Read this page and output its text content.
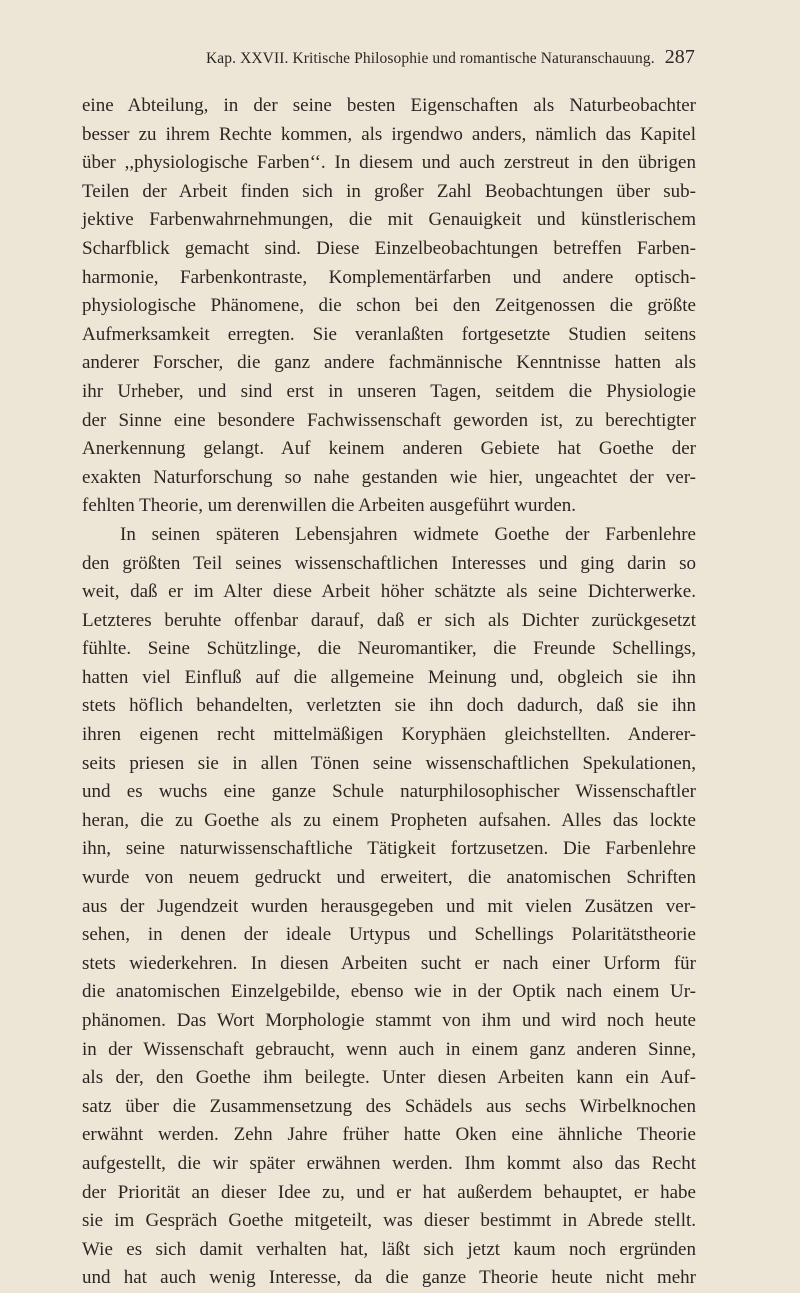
Kap. XXVII. Kritische Philosophie und romantische Naturanschauung. 287
eine Abteilung, in der seine besten Eigenschaften als Naturbeobachter
besser zu ihrem Rechte kommen, als irgendwo anders, nämlich das Kapitel
über ,,physiologische Farben‘‘. In diesem und auch zerstreut in den übrigen
Teilen der Arbeit finden sich in großer Zahl Beobachtungen über sub-
jektive Farbenwahrnehmungen, die mit Genauigkeit und künstlerischem
Scharfblick gemacht sind. Diese Einzelbeobachtungen betreffen Farben-
harmonie, Farbenkontraste, Komplementärfarben und andere optisch-
physiologische Phänomene, die schon bei den Zeitgenossen die größte
Aufmerksamkeit erregten. Sie veranlaßten fortgesetzte Studien seitens
anderer Forscher, die ganz andere fachmännische Kenntnisse hatten als
ihr Urheber, und sind erst in unseren Tagen, seitdem die Physiologie
der Sinne eine besondere Fachwissenschaft geworden ist, zu berechtigter
Anerkennung gelangt. Auf keinem anderen Gebiete hat Goethe der
exakten Naturforschung so nahe gestanden wie hier, ungeachtet der ver-
fehlten Theorie, um derenwillen die Arbeiten ausgeführt wurden.
In seinen späteren Lebensjahren widmete Goethe der Farbenlehre
den größten Teil seines wissenschaftlichen Interesses und ging darin so
weit, daß er im Alter diese Arbeit höher schätzte als seine Dichterwerke.
Letzteres beruhte offenbar darauf, daß er sich als Dichter zurückgesetzt
fühlte. Seine Schützlinge, die Neuromantiker, die Freunde Schellings,
hatten viel Einfluß auf die allgemeine Meinung und, obgleich sie ihn
stets höflich behandelten, verletzten sie ihn doch dadurch, daß sie ihn
ihren eigenen recht mittelmäßigen Koryphäen gleichstellten. Anderer-
seits priesen sie in allen Tönen seine wissenschaftlichen Spekulationen,
und es wuchs eine ganze Schule naturphilosophischer Wissenschaftler
heran, die zu Goethe als zu einem Propheten aufsahen. Alles das lockte
ihn, seine naturwissenschaftliche Tätigkeit fortzusetzen. Die Farbenlehre
wurde von neuem gedruckt und erweitert, die anatomischen Schriften
aus der Jugendzeit wurden herausgegeben und mit vielen Zusätzen ver-
sehen, in denen der ideale Urtypus und Schellings Polaritätstheorie
stets wiederkehren. In diesen Arbeiten sucht er nach einer Urform für
die anatomischen Einzelgebilde, ebenso wie in der Optik nach einem Ur-
phänomen. Das Wort Morphologie stammt von ihm und wird noch heute
in der Wissenschaft gebraucht, wenn auch in einem ganz anderen Sinne,
als der, den Goethe ihm beilegte. Unter diesen Arbeiten kann ein Auf-
satz über die Zusammensetzung des Schädels aus sechs Wirbelknochen
erwähnt werden. Zehn Jahre früher hatte Oken eine ähnliche Theorie
aufgestellt, die wir später erwähnen werden. Ihm kommt also das Recht
der Priorität an dieser Idee zu, und er hat außerdem behauptet, er habe
sie im Gespräch Goethe mitgeteilt, was dieser bestimmt in Abrede stellt.
Wie es sich damit verhalten hat, läßt sich jetzt kaum noch ergründen
und hat auch wenig Interesse, da die ganze Theorie heute nicht mehr
